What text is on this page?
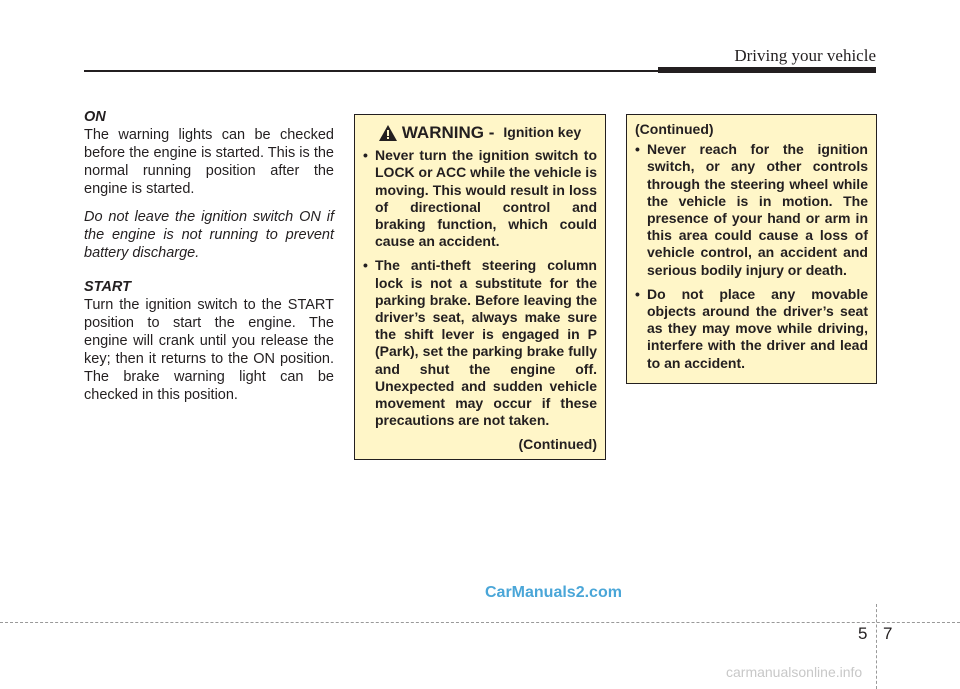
Driving your vehicle

ON

The warning lights can be checked before the engine is started. This is the normal running position after the engine is started.

Do not leave the ignition switch ON if the engine is not running to prevent battery discharge.

START

Turn the ignition switch to the START position to start the engine. The engine will crank until you release the key; then it returns to the ON position. The brake warning light can be checked in this position.

WARNING - Ignition key
• Never turn the ignition switch to LOCK or ACC while the vehicle is moving. This would result in loss of directional control and braking function, which could cause an accident.
• The anti-theft steering column lock is not a substitute for the parking brake. Before leaving the driver’s seat, always make sure the shift lever is engaged in P (Park), set the parking brake fully and shut the engine off. Unexpected and sudden vehicle movement may occur if these precautions are not taken.
(Continued)

(Continued)

• Never reach for the ignition switch, or any other controls through the steering wheel while the vehicle is in motion. The presence of your hand or arm in this area could cause a loss of vehicle control, an accident and serious bodily injury or death.
• Do not place any movable objects around the driver’s seat as they may move while driving, interfere with the driver and lead to an accident.
CarManuals2.com
5 7
carmanualsonline.info
